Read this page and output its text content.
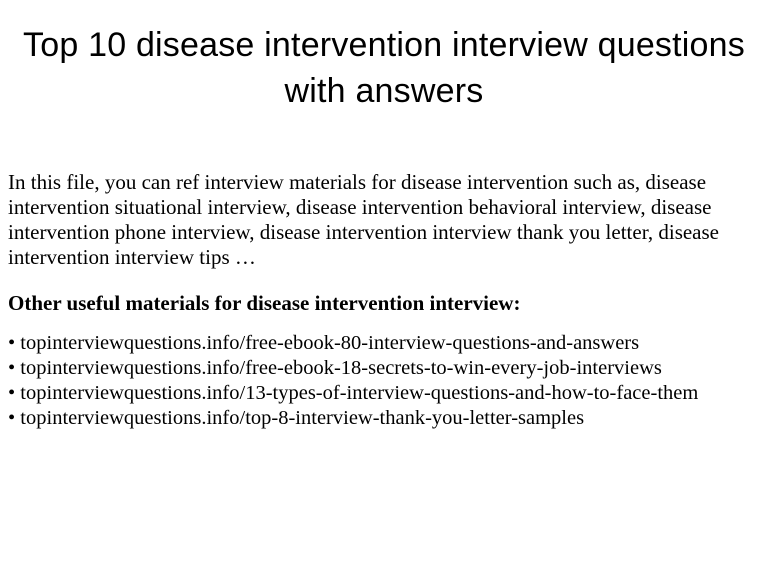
Top 10 disease intervention interview questions with answers
In this file, you can ref interview materials for disease intervention such as, disease intervention situational interview, disease intervention behavioral interview, disease intervention phone interview, disease intervention interview thank you letter, disease intervention interview tips …
Other useful materials for disease intervention interview:
• topinterviewquestions.info/free-ebook-80-interview-questions-and-answers
• topinterviewquestions.info/free-ebook-18-secrets-to-win-every-job-interviews
• topinterviewquestions.info/13-types-of-interview-questions-and-how-to-face-them
• topinterviewquestions.info/top-8-interview-thank-you-letter-samples
